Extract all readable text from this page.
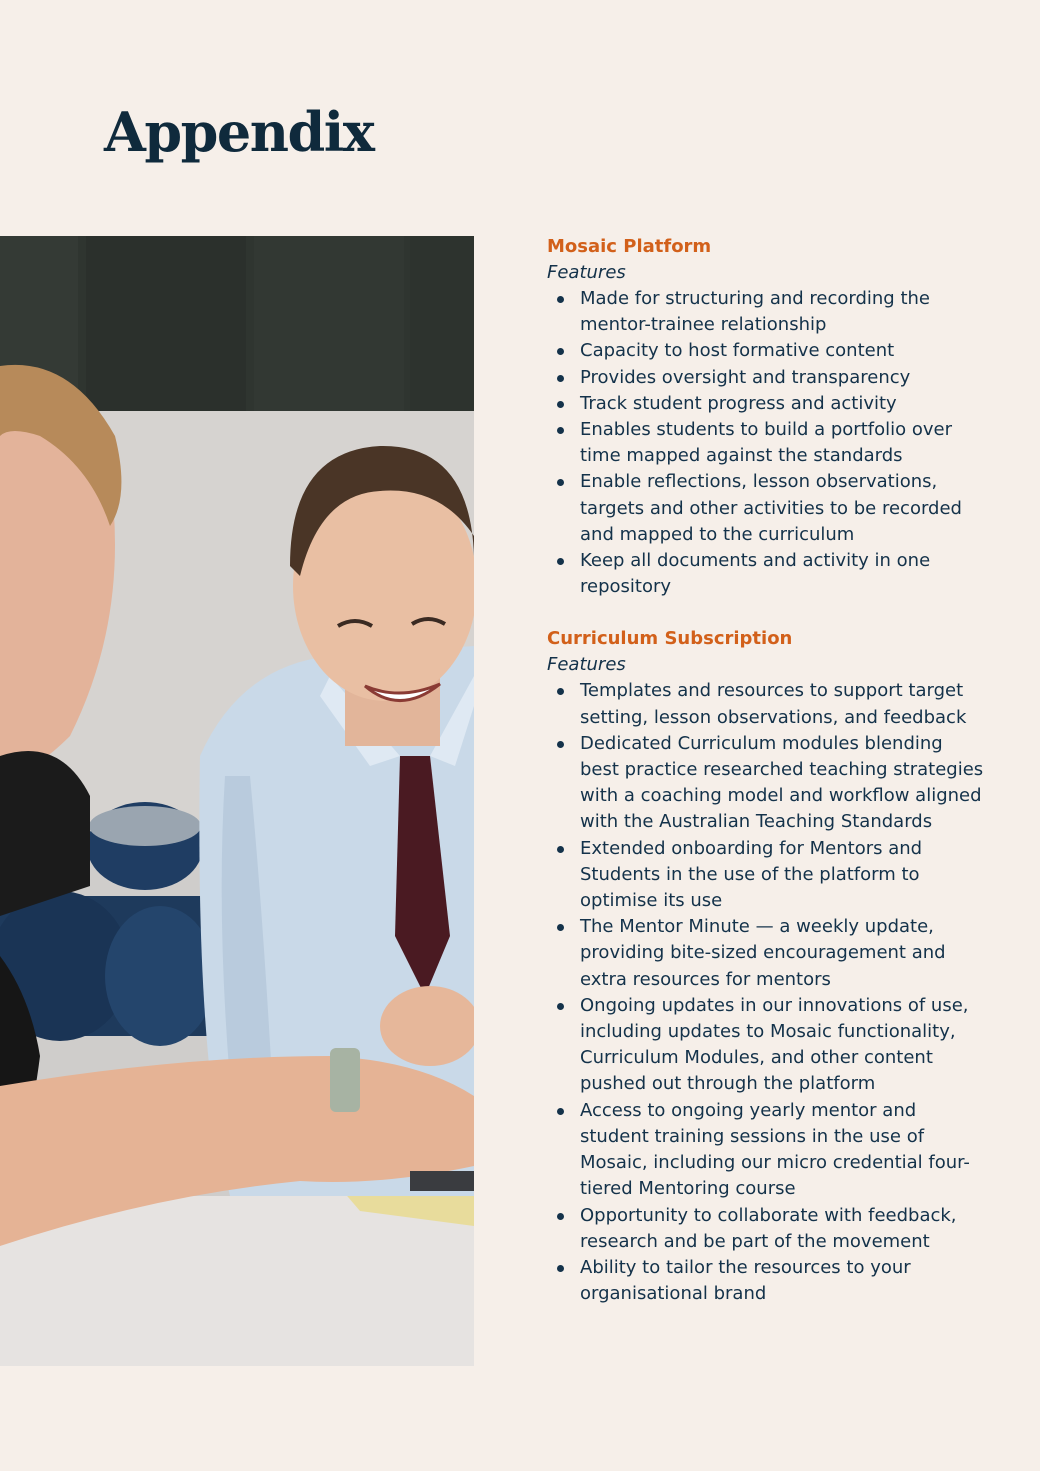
Appendix

Mosaic Platform

Features

Made for structuring and recording the mentor-trainee relationship
Capacity to host formative content
Provides oversight and transparency
Track student progress and activity
Enables students to build a portfolio over time mapped against the standards
Enable reflections, lesson observations, targets and other activities to be recorded and mapped to the curriculum
Keep all documents and activity in one repository

Curriculum Subscription

Features

Templates and resources to support target setting, lesson observations, and feedback
Dedicated Curriculum modules blending best practice researched teaching strategies with a coaching model and workflow aligned with the Australian Teaching Standards
Extended onboarding for Mentors and Students in the use of the platform to optimise its use
The Mentor Minute — a weekly update, providing bite-sized encouragement and extra resources for mentors
Ongoing updates in our innovations of use, including updates to Mosaic functionality, Curriculum Modules, and other content pushed out through the platform
Access to ongoing yearly mentor and student training sessions in the use of Mosaic, including our micro credential four-tiered Mentoring course
Opportunity to collaborate with feedback, research and be part of the movement
Ability to tailor the resources to your organisational brand
